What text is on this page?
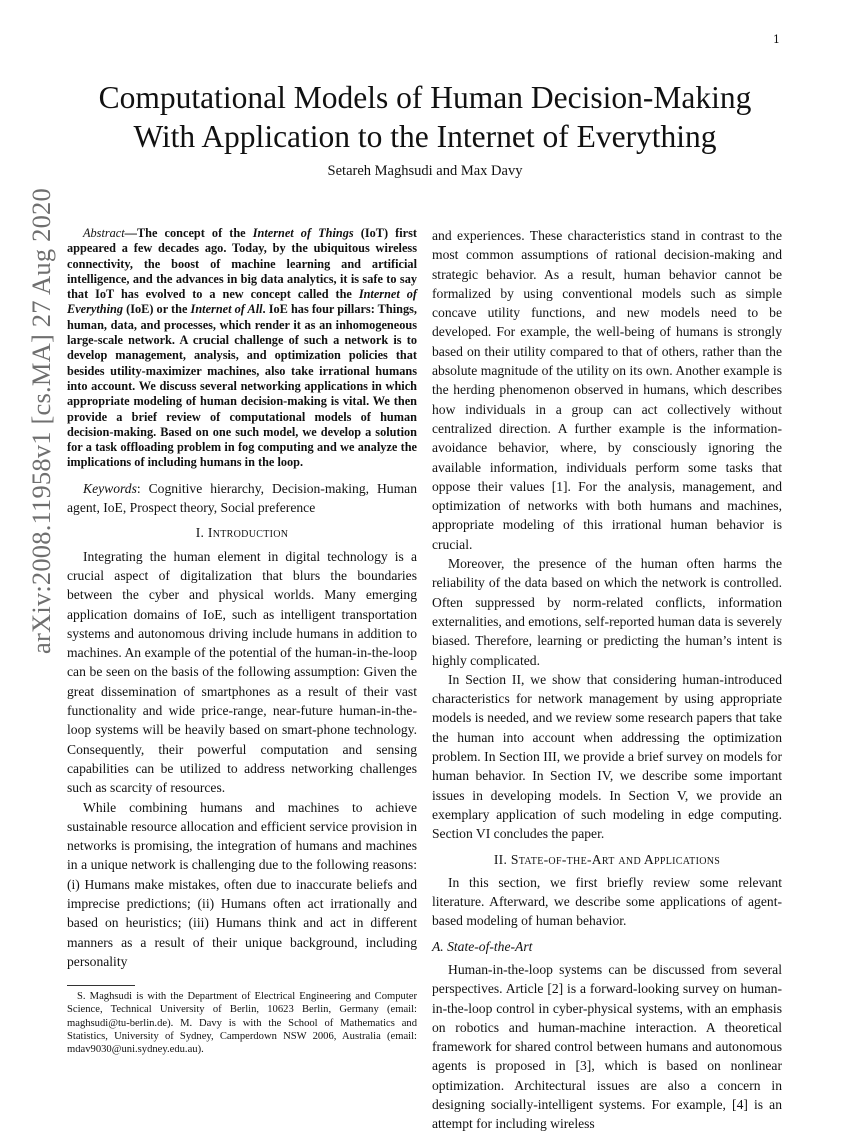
1
arXiv:2008.11958v1 [cs.MA] 27 Aug 2020
Computational Models of Human Decision-Making
With Application to the Internet of Everything
Setareh Maghsudi and Max Davy

Abstract—The concept of the Internet of Things (IoT) first appeared a few decades ago. Today, by the ubiquitous wireless connectivity, the boost of machine learning and artificial intelligence, and the advances in big data analytics, it is safe to say that IoT has evolved to a new concept called the Internet of Everything (IoE) or the Internet of All. IoE has four pillars: Things, human, data, and processes, which render it as an inhomogeneous large-scale network. A crucial challenge of such a network is to develop management, analysis, and optimization policies that besides utility-maximizer machines, also take irrational humans into account. We discuss several networking applications in which appropriate modeling of human decision-making is vital. We then provide a brief review of computational models of human decision-making. Based on one such model, we develop a solution for a task offloading problem in fog computing and we analyze the implications of including humans in the loop.

Keywords: Cognitive hierarchy, Decision-making, Human agent, IoE, Prospect theory, Social preference

I. Introduction

Integrating the human element in digital technology is a crucial aspect of digitalization that blurs the boundaries between the cyber and physical worlds. Many emerging application domains of IoE, such as intelligent transportation systems and autonomous driving include humans in addition to machines. An example of the potential of the human-in-the-loop can be seen on the basis of the following assumption: Given the great dissemination of smartphones as a result of their vast functionality and wide price-range, near-future human-in-the-loop systems will be heavily based on smart-phone technology. Consequently, their powerful computation and sensing capabilities can be utilized to address networking challenges such as scarcity of resources.

While combining humans and machines to achieve sustainable resource allocation and efficient service provision in networks is promising, the integration of humans and machines in a unique network is challenging due to the following reasons: (i) Humans make mistakes, often due to inaccurate beliefs and imprecise predictions; (ii) Humans often act irrationally and based on heuristics; (iii) Humans think and act in different manners as a result of their unique background, including personality

S. Maghsudi is with the Department of Electrical Engineering and Computer Science, Technical University of Berlin, 10623 Berlin, Germany (email: maghsudi@tu-berlin.de). M. Davy is with the School of Mathematics and Statistics, University of Sydney, Camperdown NSW 2006, Australia (email: mdav9030@uni.sydney.edu.au).

and experiences. These characteristics stand in contrast to the most common assumptions of rational decision-making and strategic behavior. As a result, human behavior cannot be formalized by using conventional models such as simple concave utility functions, and new models need to be developed. For example, the well-being of humans is strongly based on their utility compared to that of others, rather than the absolute magnitude of the utility on its own. Another example is the herding phenomenon observed in humans, which describes how individuals in a group can act collectively without centralized direction. A further example is the information-avoidance behavior, where, by consciously ignoring the available information, individuals perform some tasks that oppose their values [1]. For the analysis, management, and optimization of networks with both humans and machines, appropriate modeling of this irrational human behavior is crucial.

Moreover, the presence of the human often harms the reliability of the data based on which the network is controlled. Often suppressed by norm-related conflicts, information externalities, and emotions, self-reported human data is severely biased. Therefore, learning or predicting the human’s intent is highly complicated.

In Section II, we show that considering human-introduced characteristics for network management by using appropriate models is needed, and we review some research papers that take the human into account when addressing the optimization problem. In Section III, we provide a brief survey on models for human behavior. In Section IV, we describe some important issues in developing models. In Section V, we provide an exemplary application of such modeling in edge computing. Section VI concludes the paper.

II. State-of-the-Art and Applications

In this section, we first briefly review some relevant literature. Afterward, we describe some applications of agent-based modeling of human behavior.

A. State-of-the-Art

Human-in-the-loop systems can be discussed from several perspectives. Article [2] is a forward-looking survey on human-in-the-loop control in cyber-physical systems, with an emphasis on robotics and human-machine interaction. A theoretical framework for shared control between humans and autonomous agents is proposed in [3], which is based on nonlinear optimization. Architectural issues are also a concern in designing socially-intelligent systems. For example, [4] is an attempt for including wireless
